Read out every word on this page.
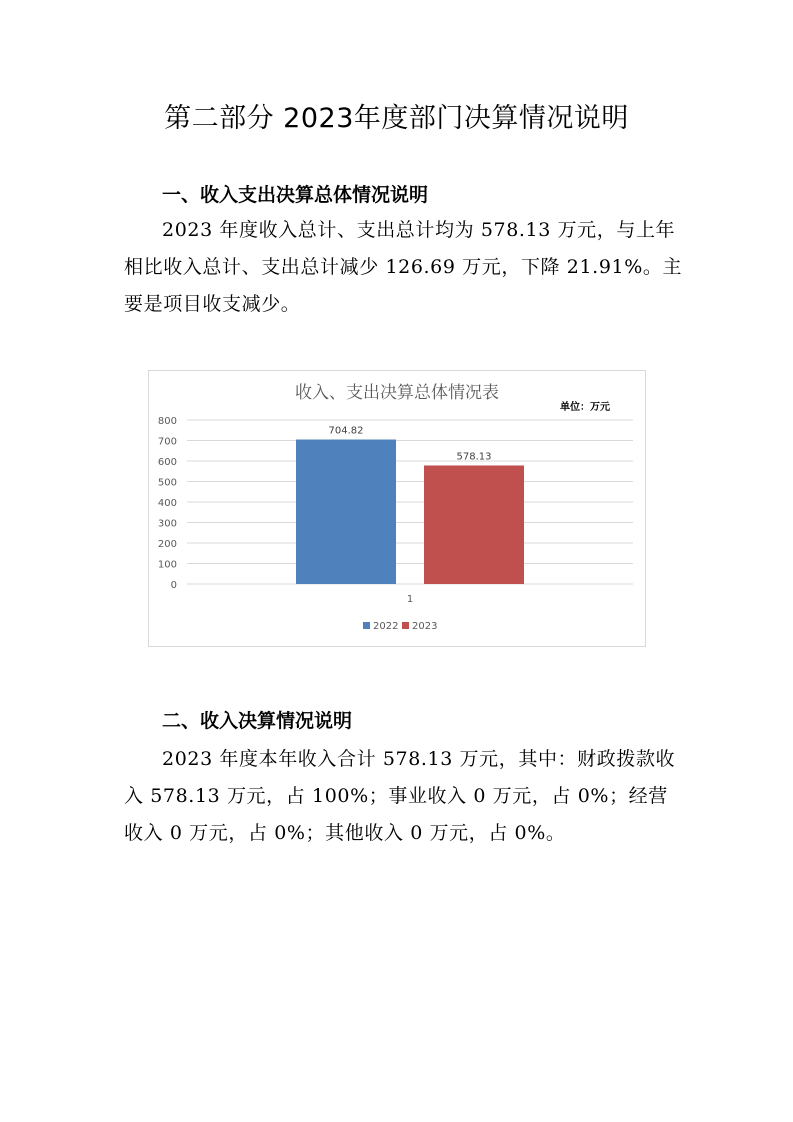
第二部分 2023年度部门决算情况说明
一、收入支出决算总体情况说明

2023 年度收入总计、支出总计均为 578.13 万元，与上年相比收入总计、支出总计减少 126.69 万元，下降 21.91%。主要是项目收支减少。

收入、支出决算总体情况表
单位：万元
0
100
200
300
400
500
600
700
800
704.82
578.13
1
2022 2023
二、收入决算情况说明

2023 年度本年收入合计 578.13 万元，其中：财政拨款收入 578.13 万元，占 100%；事业收入 0 万元，占 0%；经营收入 0 万元，占 0%；其他收入 0 万元，占 0%。
